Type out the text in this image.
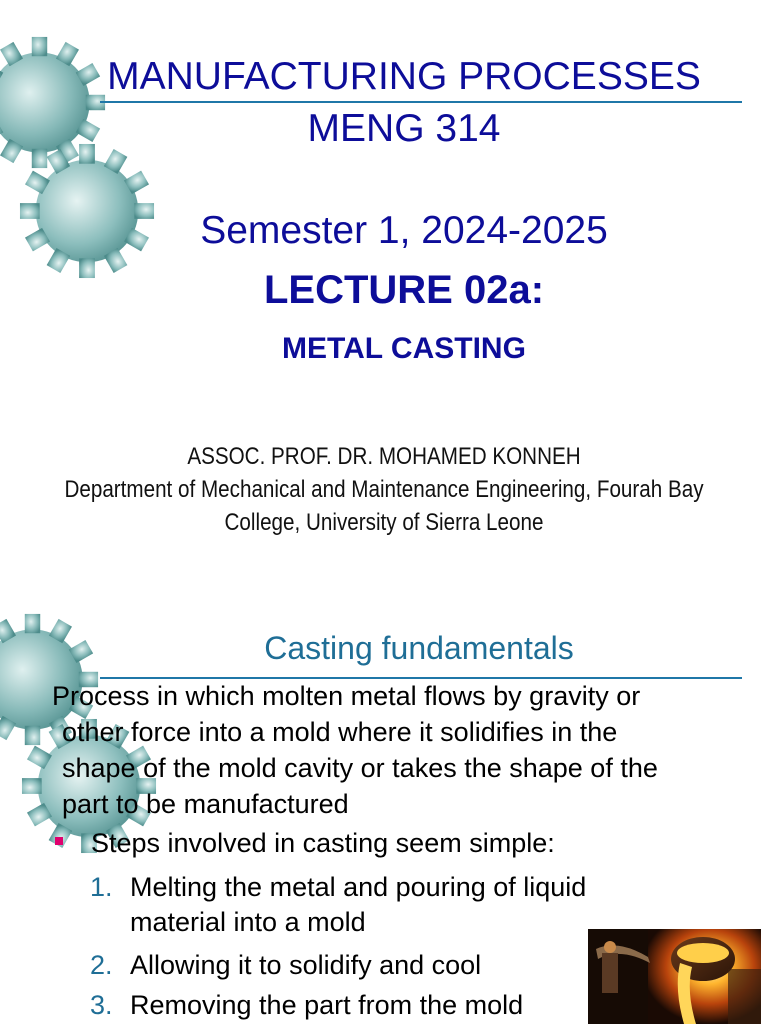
MANUFACTURING PROCESSES
MENG 314
Semester 1, 2024-2025
LECTURE 02a:
METAL CASTING
ASSOC. PROF. DR. MOHAMED KONNEH
Department of Mechanical and Maintenance Engineering, Fourah Bay
College, University of Sierra Leone
Casting fundamentals
Process in which molten metal flows by gravity or
other force into a mold where it solidifies in the
shape of the mold cavity or takes the shape of the
part to be manufactured
Steps involved in casting seem simple:
1. Melting the metal and pouring of liquid
material into a mold
2. Allowing it to solidify and cool
3. Removing the part from the mold
